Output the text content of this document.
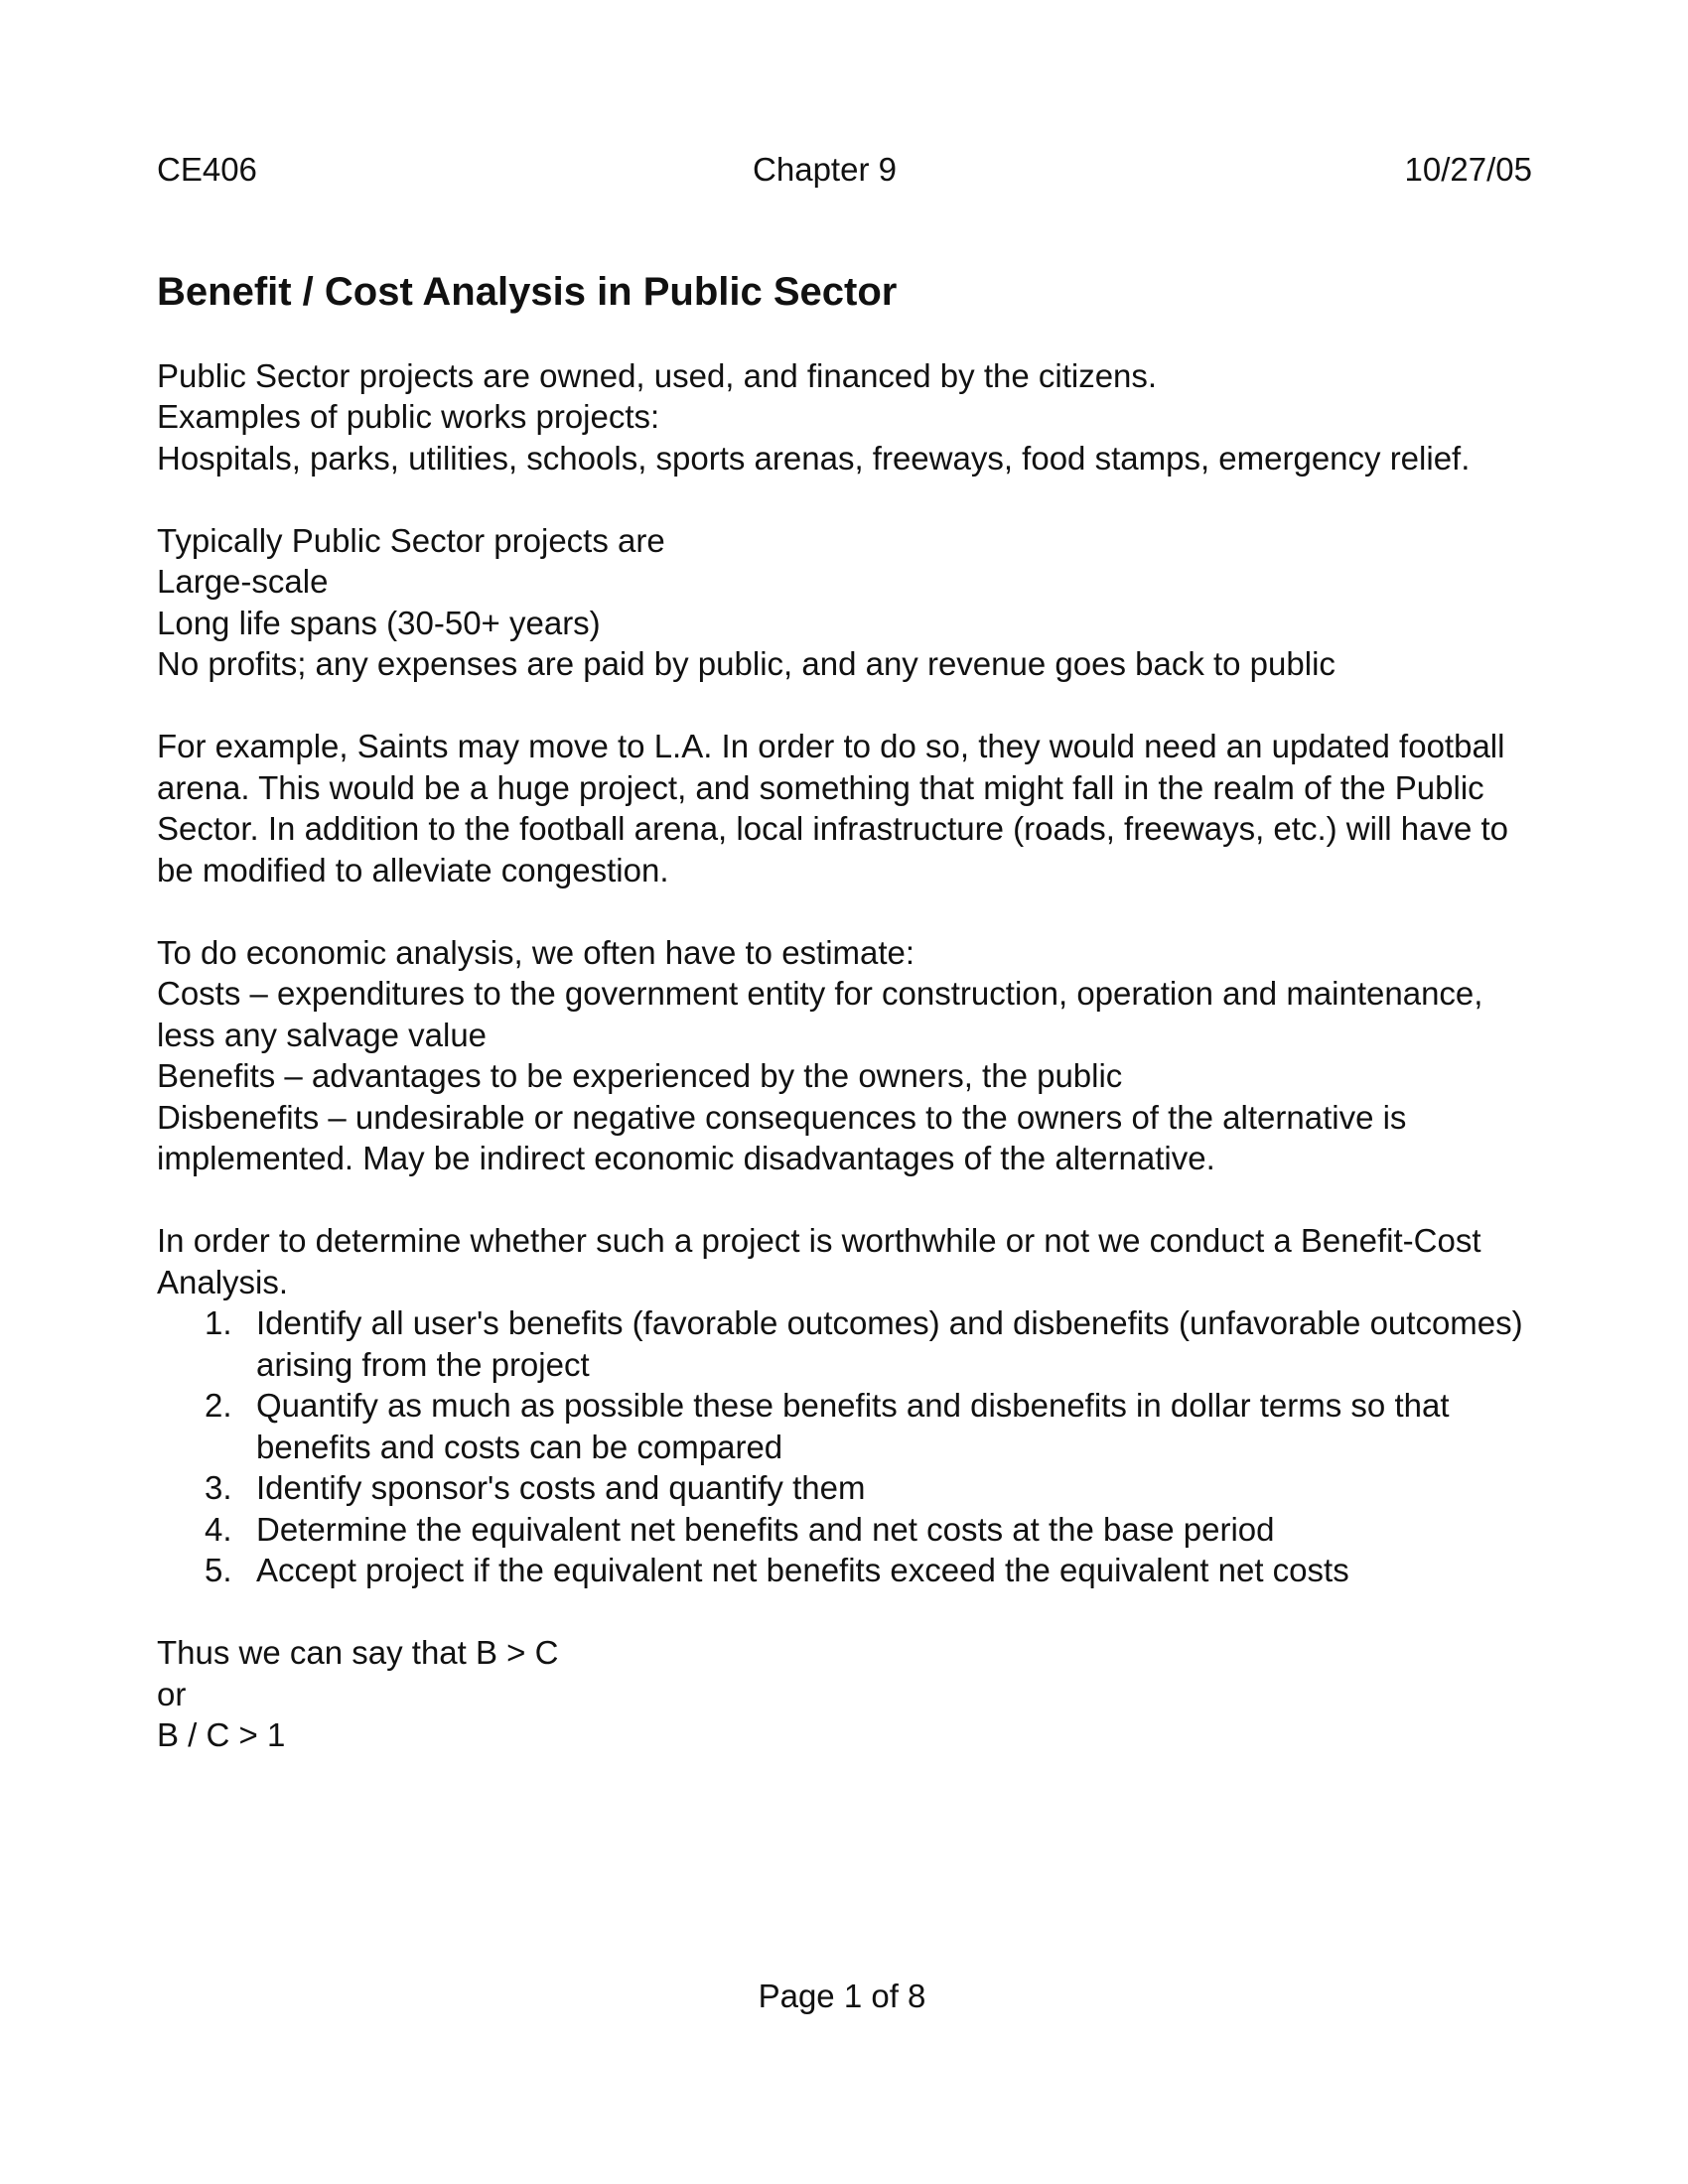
CE406	Chapter 9	10/27/05
Benefit / Cost Analysis in Public Sector
Public Sector projects are owned, used, and financed by the citizens.
Examples of public works projects:
Hospitals, parks, utilities, schools, sports arenas, freeways, food stamps, emergency relief.
Typically Public Sector projects are
Large-scale
Long life spans (30-50+ years)
No profits; any expenses are paid by public, and any revenue goes back to public
For example, Saints may move to L.A. In order to do so, they would need an updated football arena. This would be a huge project, and something that might fall in the realm of the Public Sector. In addition to the football arena, local infrastructure (roads, freeways, etc.) will have to be modified to alleviate congestion.
To do economic analysis, we often have to estimate:
Costs – expenditures to the government entity for construction, operation and maintenance, less any salvage value
Benefits – advantages to be experienced by the owners, the public
Disbenefits – undesirable or negative consequences to the owners of the alternative is implemented. May be indirect economic disadvantages of the alternative.
In order to determine whether such a project is worthwhile or not we conduct a Benefit-Cost Analysis.
1. Identify all user's benefits (favorable outcomes) and disbenefits (unfavorable outcomes) arising from the project
2. Quantify as much as possible these benefits and disbenefits in dollar terms so that benefits and costs can be compared
3. Identify sponsor's costs and quantify them
4. Determine the equivalent net benefits and net costs at the base period
5. Accept project if the equivalent net benefits exceed the equivalent net costs
Thus we can say that B > C
or
B / C > 1
Page 1 of 8
